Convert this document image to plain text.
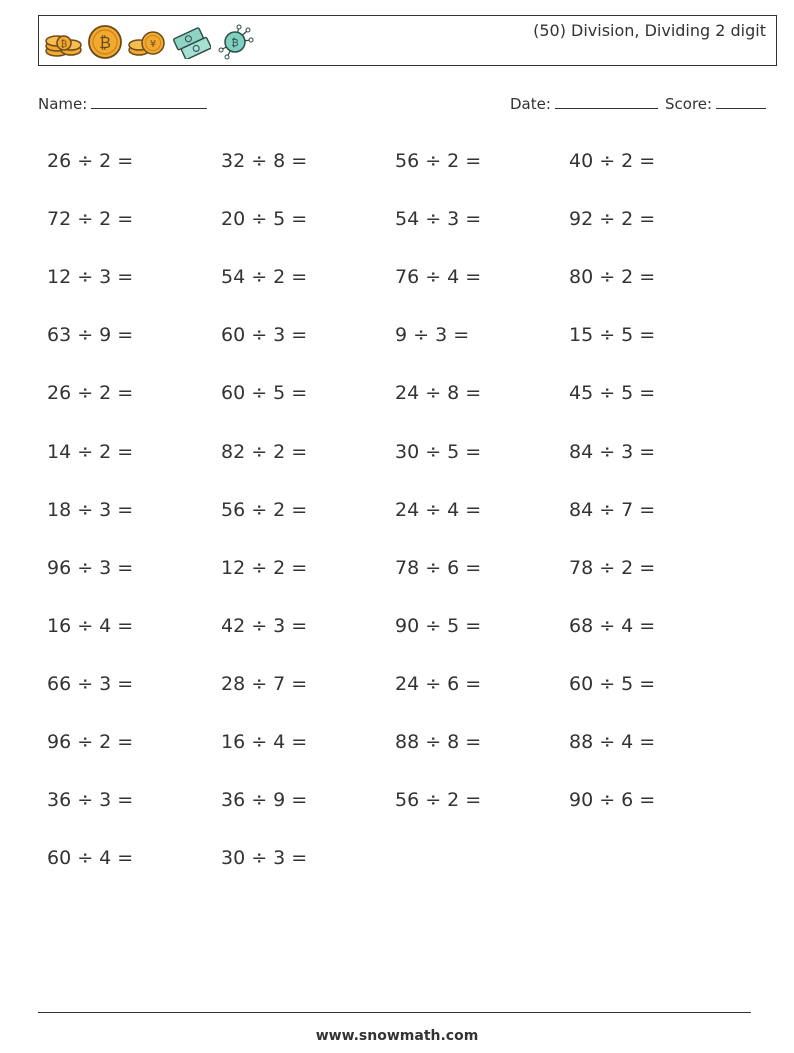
₿ ₿	¥	₿
(50) Division, Dividing 2 digit
Name:	Date:	Score:
26 ÷ 2 =	32 ÷ 8 =	56 ÷ 2 =	40 ÷ 2 =
72 ÷ 2 =	20 ÷ 5 =	54 ÷ 3 =	92 ÷ 2 =
12 ÷ 3 =	54 ÷ 2 =	76 ÷ 4 =	80 ÷ 2 =
63 ÷ 9 =	60 ÷ 3 =	9 ÷ 3 =	15 ÷ 5 =
26 ÷ 2 =	60 ÷ 5 =	24 ÷ 8 =	45 ÷ 5 =
14 ÷ 2 =	82 ÷ 2 =	30 ÷ 5 =	84 ÷ 3 =
18 ÷ 3 =	56 ÷ 2 =	24 ÷ 4 =	84 ÷ 7 =
96 ÷ 3 =	12 ÷ 2 =	78 ÷ 6 =	78 ÷ 2 =
16 ÷ 4 =	42 ÷ 3 =	90 ÷ 5 =	68 ÷ 4 =
66 ÷ 3 =	28 ÷ 7 =	24 ÷ 6 =	60 ÷ 5 =
96 ÷ 2 =	16 ÷ 4 =	88 ÷ 8 =	88 ÷ 4 =
36 ÷ 3 =	36 ÷ 9 =	56 ÷ 2 =	90 ÷ 6 =
60 ÷ 4 =	30 ÷ 3 =
www.snowmath.com
